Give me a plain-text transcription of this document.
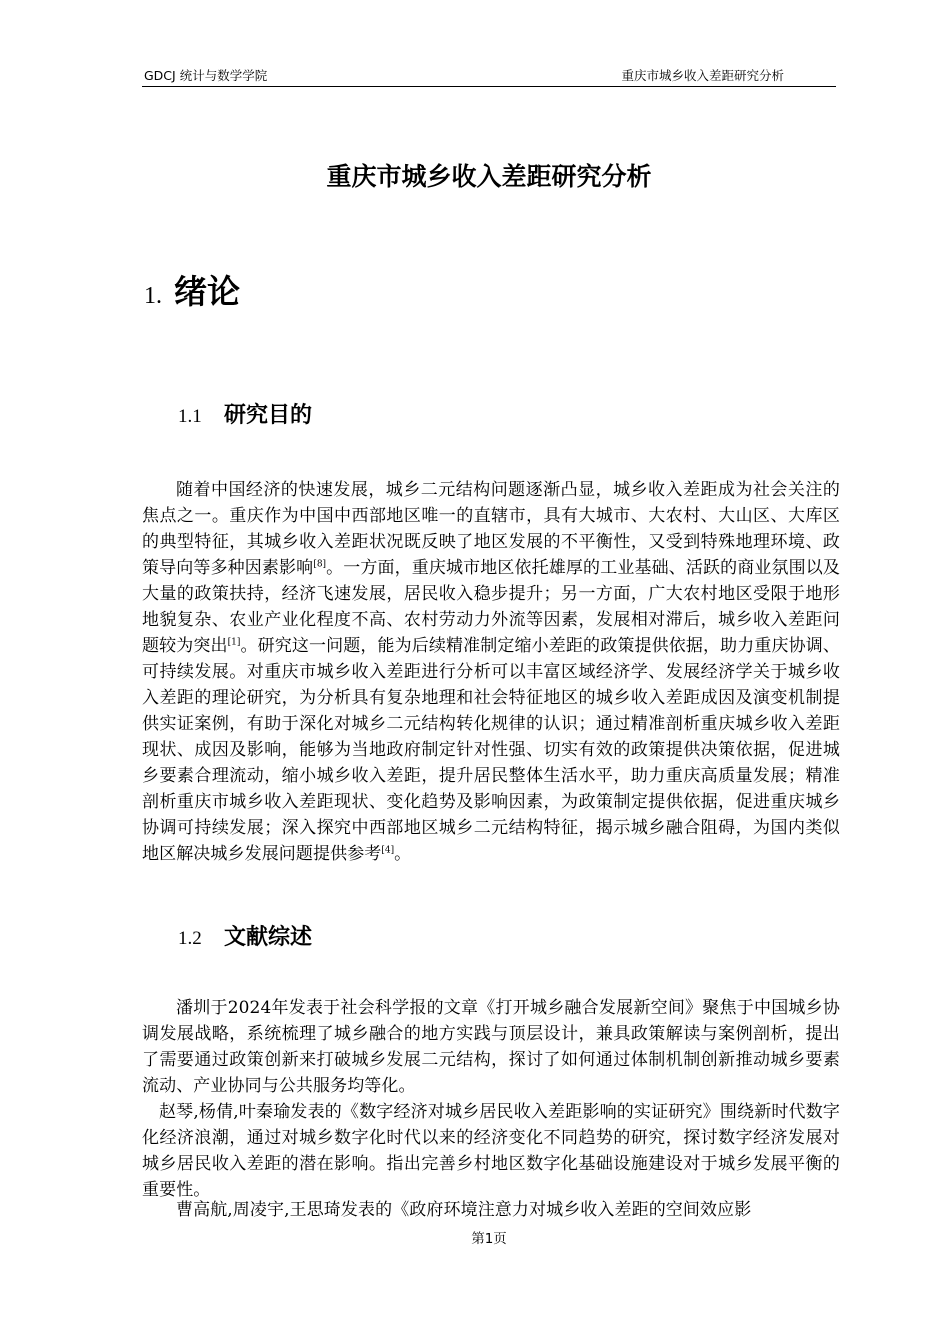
GDCJ 统计与数学学院	重庆市城乡收入差距研究分析
重庆市城乡收入差距研究分析
1. 绪论
1.1 研究目的

随着中国经济的快速发展，城乡二元结构问题逐渐凸显，城乡收入差距成为社会关注的焦点之一。重庆作为中国中西部地区唯一的直辖市，具有大城市、大农村、大山区、大库区的典型特征，其城乡收入差距状况既反映了地区发展的不平衡性，又受到特殊地理环境、政策导向等多种因素影响[8]。一方面，重庆城市地区依托雄厚的工业基础、活跃的商业氛围以及大量的政策扶持，经济飞速发展，居民收入稳步提升；另一方面，广大农村地区受限于地形地貌复杂、农业产业化程度不高、农村劳动力外流等因素，发展相对滞后，城乡收入差距问题较为突出[1]。研究这一问题，能为后续精准制定缩小差距的政策提供依据，助力重庆协调、可持续发展。对重庆市城乡收入差距进行分析可以丰富区域经济学、发展经济学关于城乡收入差距的理论研究，为分析具有复杂地理和社会特征地区的城乡收入差距成因及演变机制提供实证案例，有助于深化对城乡二元结构转化规律的认识；通过精准剖析重庆城乡收入差距现状、成因及影响，能够为当地政府制定针对性强、切实有效的政策提供决策依据，促进城乡要素合理流动，缩小城乡收入差距，提升居民整体生活水平，助力重庆高质量发展；精准剖析重庆市城乡收入差距现状、变化趋势及影响因素，为政策制定提供依据，促进重庆城乡协调可持续发展；深入探究中西部地区城乡二元结构特征，揭示城乡融合阻碍，为国内类似地区解决城乡发展问题提供参考[4]。

1.2 文献综述

潘圳于2024年发表于社会科学报的文章《打开城乡融合发展新空间》聚焦于中国城乡协调发展战略，系统梳理了城乡融合的地方实践与顶层设计，兼具政策解读与案例剖析，提出了需要通过政策创新来打破城乡发展二元结构，探讨了如何通过体制机制创新推动城乡要素流动、产业协同与公共服务均等化。

赵琴,杨倩,叶秦瑜发表的《数字经济对城乡居民收入差距影响的实证研究》围绕新时代数字化经济浪潮，通过对城乡数字化时代以来的经济变化不同趋势的研究，探讨数字经济发展对城乡居民收入差距的潜在影响。指出完善乡村地区数字化基础设施建设对于城乡发展平衡的重要性。

曹高航,周凌宇,王思琦发表的《政府环境注意力对城乡收入差距的空间效应影

第1页
